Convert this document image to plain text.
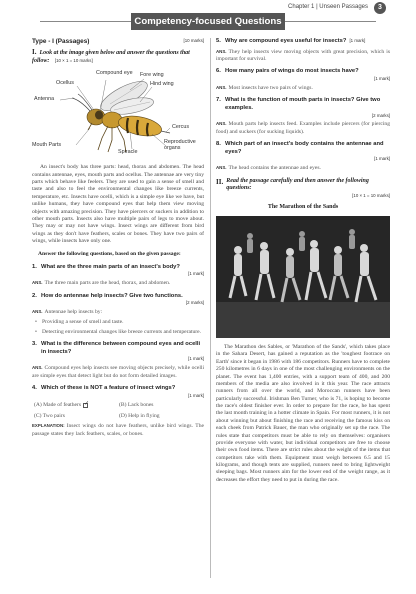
Chapter 1 | Unseen Passages	3
Competency-focused Questions
Type - I (Passages)	[10 marks]
I. Look at the image given below and answer the questions that follow: [10 × 1 = 10 marks]
Compound eye Fore wing
Ocellus	Hind wing
Antenna
Cercus
Mouth Parts
Spiracle
Reproductive organs
An insect's body has three parts: head, thorax and abdomen. The head contains antennae, eyes, mouth parts and ocellus. The antennae are very tiny parts which behave like feelers. They are used to gain a sense of smell and taste and also to feel the environmental changes like breeze currents, temperature, etc. Insects have ocelli, which is a simple eye like we have, but unlike humans, they have compound eyes that help them view moving objects with amazing precision. They have piercers or suckers in addition to other mouth parts. Insects also have multiple pairs of legs to move about. They may or may not have wings. Insect wings are different from bird wings as they don't have feathers, scales or bones. They have two pairs of wings, while insects have only one.
Answer the following questions, based on the given passage:
1. What are the three main parts of an insect's body?
[1 mark]
ANS. The three main parts are the head, thorax, and abdomen.
2. How do antennae help insects? Give two functions.
[2 marks]
ANS. Antennae help insects by:
• Providing a sense of smell and taste.
• Detecting environmental changes like breeze currents and temperature.
3. What is the difference between compound eyes and ocelli in insects?
[1 mark]
ANS. Compound eyes help insects see moving objects precisely, while ocelli are simple eyes that detect light but do not form detailed images.
4. Which of these is NOT a feature of insect wings?
[1 mark]
(A) Made of feathers✓	(B) Lack bones
(C) Two pairs	(D) Help in flying
EXPLANATION: Insect wings do not have feathers, unlike bird wings. The passage states they lack feathers, scales, or bones.
5. Why are compound eyes useful for insects? [1 mark]
ANS. They help insects view moving objects with great precision, which is important for survival.
6. How many pairs of wings do most insects have?
[1 mark]
ANS. Most insects have two pairs of wings.
7. What is the function of mouth parts in insects? Give two examples.
[2 marks]
ANS. Mouth parts help insects feed. Examples include piercers (for piercing food) and suckers (for sucking liquids).
8. Which part of an insect's body contains the antennae and eyes?
[1 mark]
ANS. The head contains the antennae and eyes.
II. Read the passage carefully and then answer the following questions:
[10 × 1 = 10 marks]
The Marathon of the Sands
The Marathon des Sables, or 'Marathon of the Sands', which takes place in the Sahara Desert, has gained a reputation as the 'toughest footrace on Earth' since it began in 1986 with 186 competitors. Runners have to complete 250 kilometres in 6 days in one of the most challenging environments on the planet. The event has 1,400 entries, with a support team of 400, and 200 members of the media are also involved in it this year. The race attracts runners from all over the world, and Moroccan runners have been particularly successful. Irishman Ben Turner, who is 71, is hoping to become the race's oldest finisher ever. In order to prepare for the race, he has spent the last month training in a hotter climate in Spain. For most runners, it is not about winning but about finishing the race and receiving the famous kiss on each cheek from Patrick Bauer, the man who originally set up the race. The rules state that competitors must be able to rely on themselves: organisers provide everyone with water, but individual competitors are free to choose their own food items. There are strict rules about the weight of the items that competitors take with them. Equipment must weigh between 6.5 and 15 kilograms, and though tents are supplied, runners need to bring lightweight sleeping bags. Most runners aim for the lower end of the weight range, as it decreases the effort they need to put in during the race.
